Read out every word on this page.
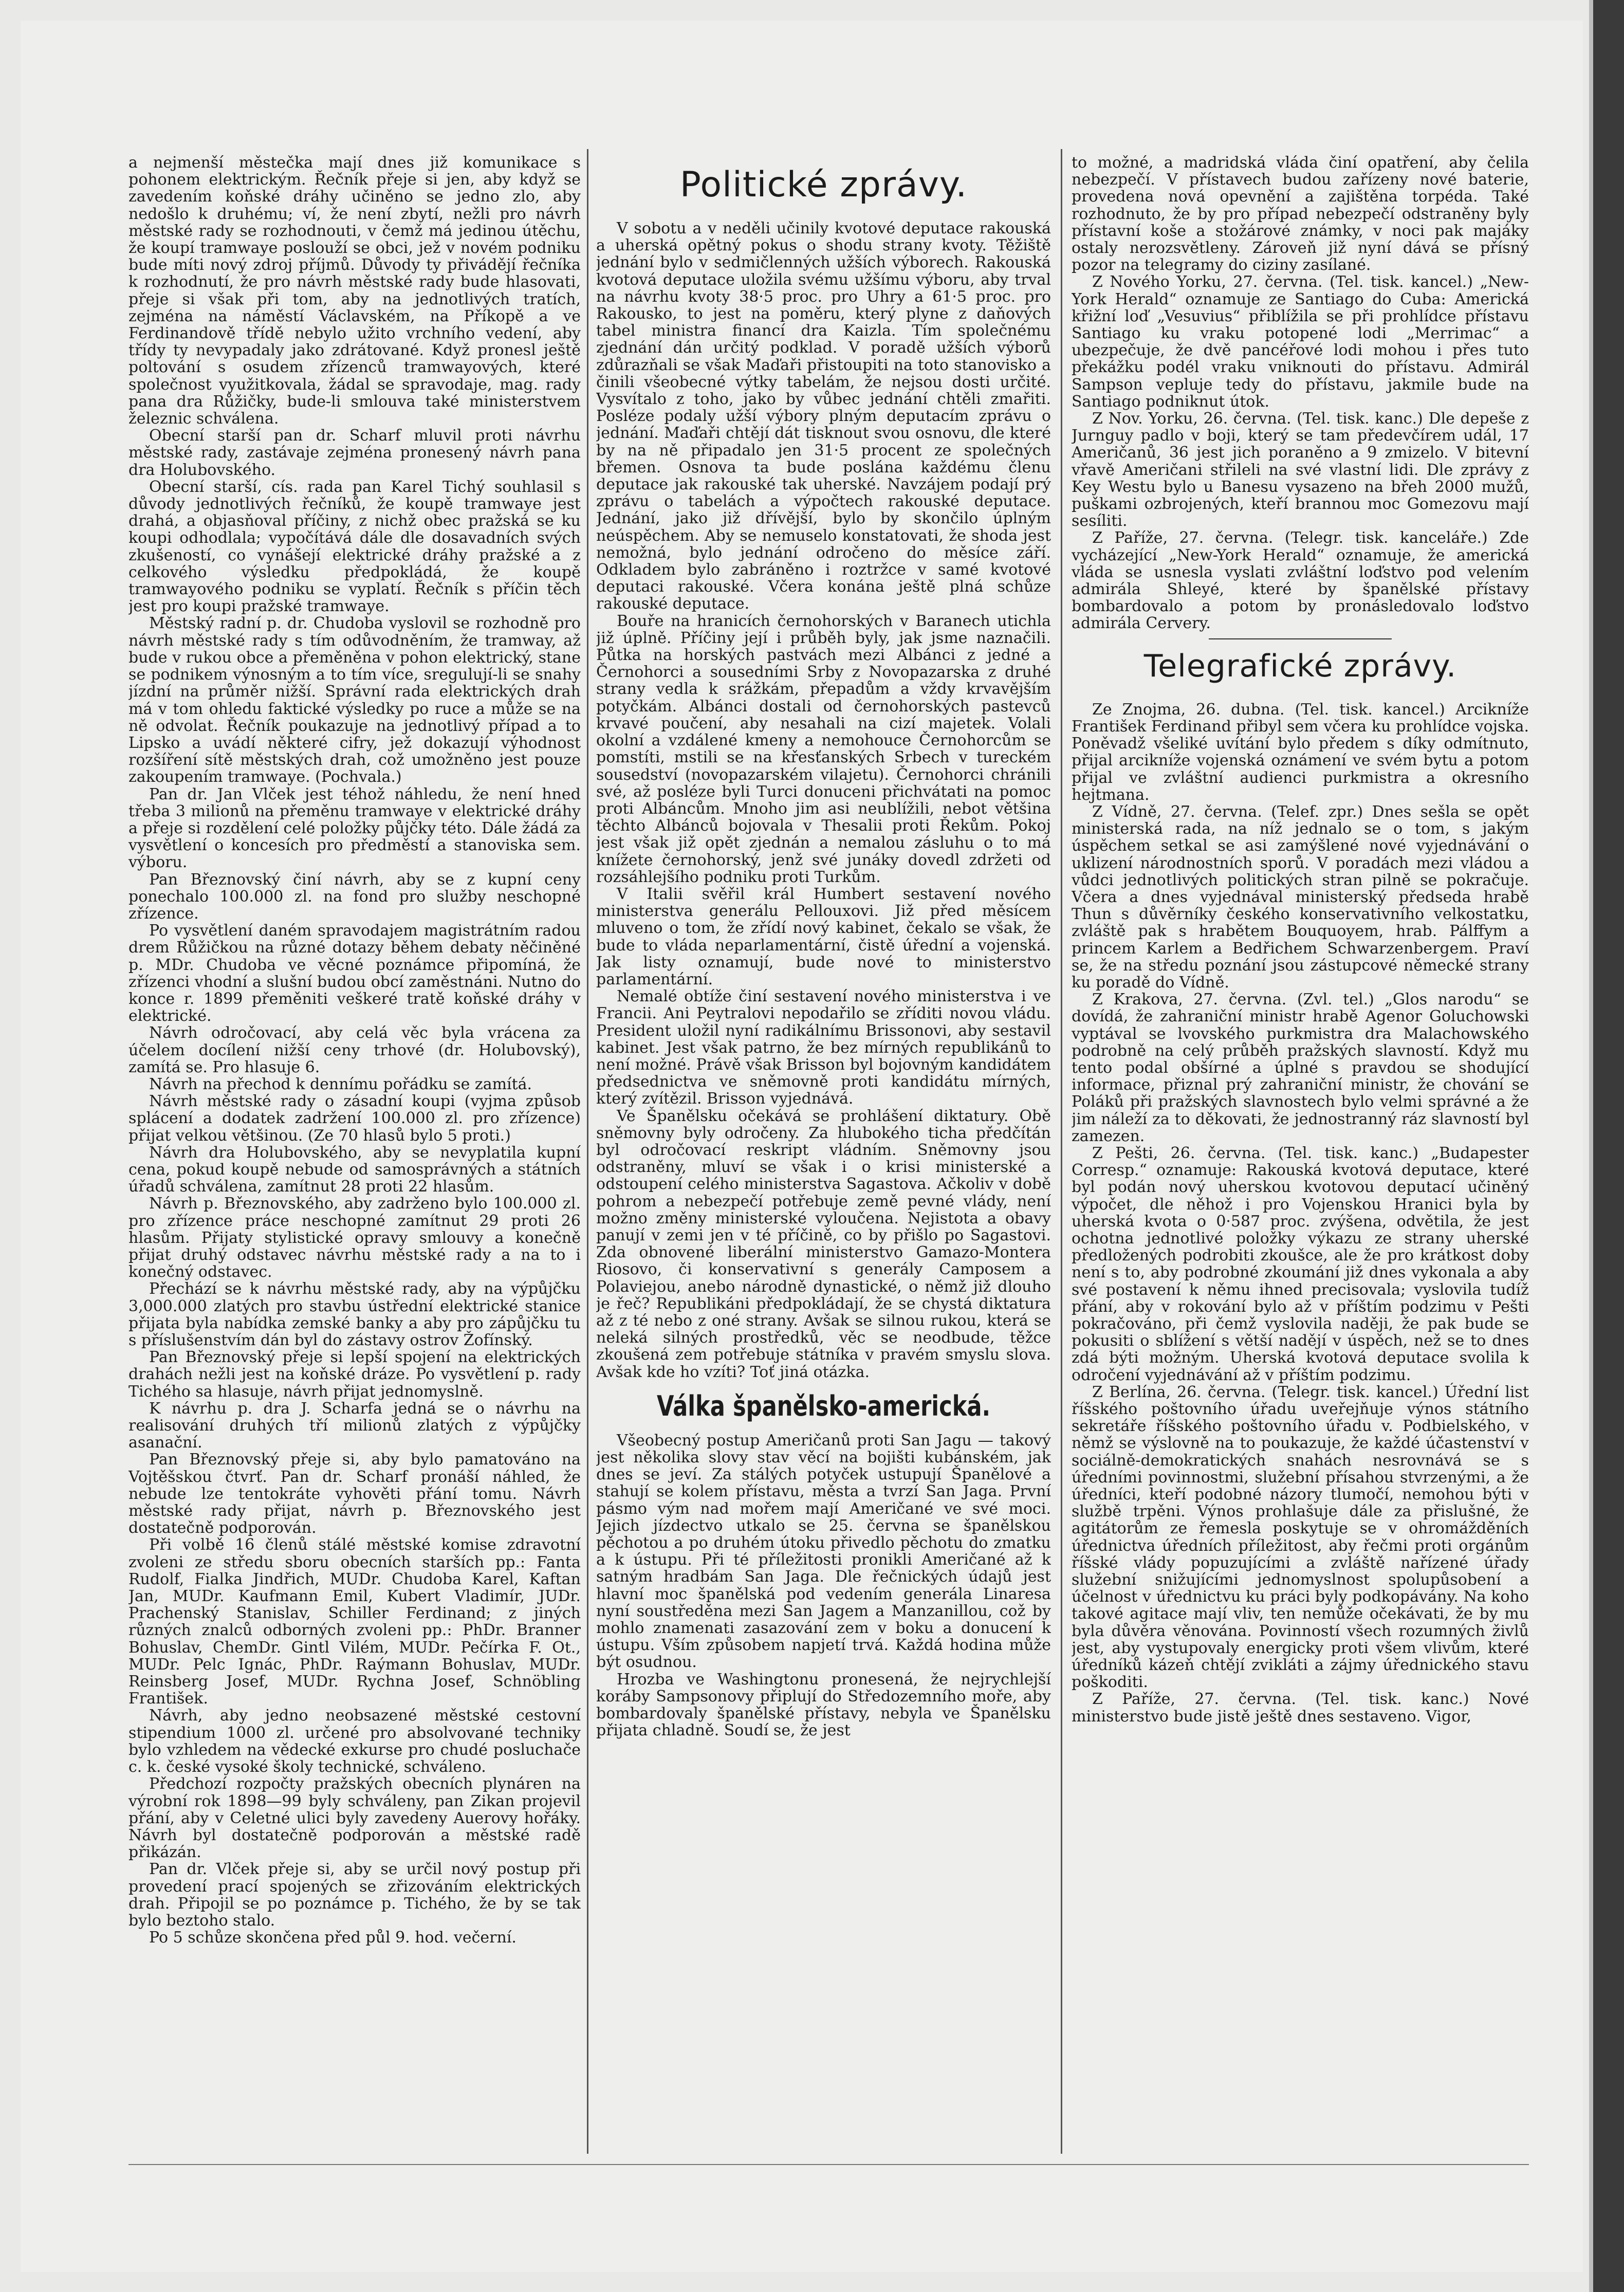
a nejmenší městečka mají dnes již komunikace s pohonem elektrickým. Řečník přeje si jen, aby když se zavedením koňské dráhy učiněno se jedno zlo, aby nedošlo k druhému; ví, že není zbytí, nežli pro návrh městské rady se rozhodnouti, v čemž má jedinou útěchu, že koupí tramwaye poslouží se obci, jež v novém podniku bude míti nový zdroj příjmů. Důvody ty přivádějí řečníka k rozhodnutí, že pro návrh městské rady bude hlasovati, přeje si však při tom, aby na jednotlivých tratích, zejména na náměstí Václavském, na Příkopě a ve Ferdinandově třídě nebylo užito vrchního vedení, aby třídy ty nevypadaly jako zdrátované. Když pronesl ještě poltování s osudem zřízenců tramwayových, které společnost využitkovala, žádal se spravodaje, mag. rady pana dra Růžičky, bude-li smlouva také ministerstvem železnic schválena.

Obecní starší pan dr. Scharf mluvil proti návrhu městské rady, zastávaje zejména pronesený návrh pana dra Holubovského.

Obecní starší, cís. rada pan Karel Tichý souhlasil s důvody jednotlivých řečníků, že koupě tramwaye jest drahá, a objasňoval příčiny, z nichž obec pražská se ku koupi odhodlala; vypočítává dále dle dosavadních svých zkušeností, co vynášejí elektrické dráhy pražské a z celkového výsledku předpokládá, že koupě tramwayového podniku se vyplatí. Řečník s příčin těch jest pro koupi pražské tramwaye.

Městský radní p. dr. Chudoba vyslovil se rozhodně pro návrh městské rady s tím odůvodněním, že tramway, až bude v rukou obce a přeměněna v pohon elektrický, stane se podnikem výnosným a to tím více, sregulují-li se snahy jízdní na průměr nižší. Správní rada elektrických drah má v tom ohledu faktické výsledky po ruce a může se na ně odvolat. Řečník poukazuje na jednotlivý případ a to Lipsko a uvádí některé cifry, jež dokazují výhodnost rozšíření sítě městských drah, což umožněno jest pouze zakoupením tramwaye. (Pochvala.)

Pan dr. Jan Vlček jest téhož náhledu, že není hned třeba 3 milionů na přeměnu tramwaye v elektrické dráhy a přeje si rozdělení celé položky půjčky této. Dále žádá za vysvětlení o koncesích pro předměstí a stanoviska sem. výboru.

Pan Březnovský činí návrh, aby se z kupní ceny ponechalo 100.000 zl. na fond pro služby neschopné zřízence.

Po vysvětlení daném spravodajem magistrátním radou drem Růžičkou na různé dotazy během debaty něčiněné p. MDr. Chudoba ve věcné poznámce připomíná, že zřízenci vhodní a slušní budou obcí zaměstnáni. Nutno do konce r. 1899 přeměniti veškeré tratě koňské dráhy v elektrické.

Návrh odročovací, aby celá věc byla vrácena za účelem docílení nižší ceny trhové (dr. Holubovský), zamítá se. Pro hlasuje 6.

Návrh na přechod k dennímu pořádku se zamítá.

Návrh městské rady o zásadní koupi (vyjma způsob splácení a dodatek zadržení 100.000 zl. pro zřízence) přijat velkou většinou. (Ze 70 hlasů bylo 5 proti.)

Návrh dra Holubovského, aby se nevyplatila kupní cena, pokud koupě nebude od samosprávných a státních úřadů schválena, zamítnut 28 proti 22 hlasům.

Návrh p. Březnovského, aby zadrženo bylo 100.000 zl. pro zřízence práce neschopné zamítnut 29 proti 26 hlasům. Přijaty stylistické opravy smlouvy a konečně přijat druhý odstavec návrhu městské rady a na to i konečný odstavec.

Přechází se k návrhu městské rady, aby na výpůjčku 3,000.000 zlatých pro stavbu ústřední elektrické stanice přijata byla nabídka zemské banky a aby pro zápůjčku tu s příslušenstvím dán byl do zástavy ostrov Žofínský.

Pan Březnovský přeje si lepší spojení na elektrických drahách nežli jest na koňské dráze. Po vysvětlení p. rady Tichého sa hlasuje, návrh přijat jednomyslně.

K návrhu p. dra J. Scharfa jedná se o návrhu na realisování druhých tří milionů zlatých z výpůjčky asanační.

Pan Březnovský přeje si, aby bylo pamatováno na Vojtěšskou čtvrť. Pan dr. Scharf pronáší náhled, že nebude lze tentokráte vyhověti přání tomu. Návrh městské rady přijat, návrh p. Březnovského jest dostatečně podporován.

Při volbě 16 členů stálé městské komise zdravotní zvoleni ze středu sboru obecních starších pp.: Fanta Rudolf, Fialka Jindřich, MUDr. Chudoba Karel, Kaftan Jan, MUDr. Kaufmann Emil, Kubert Vladimír, JUDr. Prachenský Stanislav, Schiller Ferdinand; z jiných různých znalců odborných zvoleni pp.: PhDr. Branner Bohuslav, ChemDr. Gintl Vilém, MUDr. Pečírka F. Ot., MUDr. Pelc Ignác, PhDr. Raýmann Bohuslav, MUDr. Reinsberg Josef, MUDr. Rychna Josef, Schnöbling František.

Návrh, aby jedno neobsazené městské cestovní stipendium 1000 zl. určené pro absolvované techniky bylo vzhledem na vědecké exkurse pro chudé posluchače c. k. české vysoké školy technické, schváleno.

Předchozí rozpočty pražských obecních plynáren na výrobní rok 1898—99 byly schváleny, pan Zikan projevil přání, aby v Celetné ulici byly zavedeny Auerovy hořáky. Návrh byl dostatečně podporován a městské radě přikázán.

Pan dr. Vlček přeje si, aby se určil nový postup při provedení prací spojených se zřizováním elektrických drah. Připojil se po poznámce p. Tichého, že by se tak bylo beztoho stalo.

Po 5 schůze skončena před půl 9. hod. večerní.

Politické zprávy.

V sobotu a v neděli učinily kvotové deputace rakouská a uherská opětný pokus o shodu strany kvoty. Těžiště jednání bylo v sedmičlenných užších výborech. Rakouská kvotová deputace uložila svému užšímu výboru, aby trval na návrhu kvoty 38·5 proc. pro Uhry a 61·5 proc. pro Rakousko, to jest na poměru, který plyne z daňových tabel ministra financí dra Kaizla. Tím společnému zjednání dán určitý podklad. V poradě užších výborů zdůrazňali se však Maďaři přistoupiti na toto stanovisko a činili všeobecné výtky tabelám, že nejsou dosti určité. Vysvítalo z toho, jako by vůbec jednání chtěli zmařiti. Posléze podaly užší výbory plným deputacím zprávu o jednání. Maďaři chtějí dát tisknout svou osnovu, dle které by na ně připadalo jen 31·5 procent ze společných břemen. Osnova ta bude poslána každému členu deputace jak rakouské tak uherské. Navzájem podají prý zprávu o tabelách a výpočtech rakouské deputace. Jednání, jako již dřívější, bylo by skončilo úplným neúspěchem. Aby se nemuselo konstatovati, že shoda jest nemožná, bylo jednání odročeno do měsíce září. Odkladem bylo zabráněno i roztržce v samé kvotové deputaci rakouské. Včera konána ještě plná schůze rakouské deputace.

Bouře na hranicích černohorských v Baranech utichla již úplně. Příčiny její i průběh byly, jak jsme naznačili. Půtka na horských pastvách mezi Albánci z jedné a Černohorci a sousedními Srby z Novopazarska z druhé strany vedla k srážkám, přepadům a vždy krvavějším potyčkám. Albánci dostali od černohorských pastevců krvavé poučení, aby nesahali na cizí majetek. Volali okolní a vzdálené kmeny a nemohouce Černohorcům se pomstíti, mstili se na křesťanských Srbech v tureckém sousedství (novopazarském vilajetu). Černohorci chránili své, až posléze byli Turci donuceni přichvátati na pomoc proti Albáncům. Mnoho jim asi neublížili, nebot většina těchto Albánců bojovala v Thesalii proti Řekům. Pokoj jest však již opět zjednán a nemalou zásluhu o to má knížete černohorský, jenž své junáky dovedl zdržeti od rozsáhlejšího podniku proti Turkům.

V Italii svěřil král Humbert sestavení nového ministerstva generálu Pellouxovi. Již před měsícem mluveno o tom, že zřídí nový kabinet, čekalo se však, že bude to vláda neparlamentární, čistě úřední a vojenská. Jak listy oznamují, bude nové to ministerstvo parlamentární.

Nemalé obtíže činí sestavení nového ministerstva i ve Francii. Ani Peytralovi nepodařilo se zříditi novou vládu. President uložil nyní radikálnímu Brissonovi, aby sestavil kabinet. Jest však patrno, že bez mírných republikánů to není možné. Právě však Brisson byl bojovným kandidátem předsednictva ve sněmovně proti kandidátu mírných, který zvítězil. Brisson vyjednává.

Ve Španělsku očekává se prohlášení diktatury. Obě sněmovny byly odročeny. Za hlubokého ticha předčítán byl odročovací reskript vládním. Sněmovny jsou odstraněny, mluví se však i o krisi ministerské a odstoupení celého ministerstva Sagastova. Ačkoliv v době pohrom a nebezpečí potřebuje země pevné vlády, není možno změny ministerské vyloučena. Nejistota a obavy panují v zemi jen v té příčině, co by přišlo po Sagastovi. Zda obnovené liberální ministerstvo Gamazo-Montera Riosovo, či konservativní s generály Camposem a Polaviejou, anebo národně dynastické, o němž již dlouho je řeč? Republikáni předpokládají, že se chystá diktatura až z té nebo z oné strany. Avšak se silnou rukou, která se neleká silných prostředků, věc se neodbude, těžce zkoušená zem potřebuje státníka v pravém smyslu slova. Avšak kde ho vzíti? Toť jiná otázka.

Válka španělsko-americká.

Všeobecný postup Američanů proti San Jagu — takový jest několika slovy stav věcí na bojišti kubánském, jak dnes se jeví. Za stálých potyček ustupují Španělové a stahují se kolem přístavu, města a tvrzí San Jaga. První pásmo vým nad mořem mají Američané ve své moci. Jejich jízdectvo utkalo se 25. června se španělskou pěchotou a po druhém útoku přivedlo pěchotu do zmatku a k ústupu. Při té příležitosti pronikli Američané až k satným hradbám San Jaga. Dle řečnických údajů jest hlavní moc španělská pod vedením generála Linaresa nyní soustředěna mezi San Jagem a Manzanillou, což by mohlo znamenati zasazování zem v boku a donucení k ústupu. Vším způsobem napjetí trvá. Každá hodina může být osudnou.

Hrozba ve Washingtonu pronesená, že nejrychlejší koráby Sampsonovy připlují do Středozemního moře, aby bombardovaly španělské přístavy, nebyla ve Španělsku přijata chladně. Soudí se, že jest

to možné, a madridská vláda činí opatření, aby čelila nebezpečí. V přístavech budou zařízeny nové baterie, provedena nová opevnění a zajištěna torpéda. Také rozhodnuto, že by pro případ nebezpečí odstraněny byly přístavní koše a stožárové známky, v noci pak majáky ostaly nerozsvětleny. Zároveň již nyní dává se přísný pozor na telegramy do ciziny zasílané.

Z Nového Yorku, 27. června. (Tel. tisk. kancel.) „New-York Herald“ oznamuje ze Santiago do Cuba: Americká křižní loď „Vesuvius“ přiblížila se při prohlídce přístavu Santiago ku vraku potopené lodi „Merrimac“ a ubezpečuje, že dvě pancéřové lodi mohou i přes tuto překážku podél vraku vniknouti do přístavu. Admirál Sampson vepluje tedy do přístavu, jakmile bude na Santiago podniknut útok.

Z Nov. Yorku, 26. června. (Tel. tisk. kanc.) Dle depeše z Jurnguy padlo v boji, který se tam předevčírem udál, 17 Američanů, 36 jest jich poraněno a 9 zmizelo. V bitevní vřavě Američani střileli na své vlastní lidi. Dle zprávy z Key Westu bylo u Banesu vysazeno na břeh 2000 mužů, puškami ozbrojených, kteří brannou moc Gomezovu mají sesíliti.

Z Paříže, 27. června. (Telegr. tisk. kanceláře.) Zde vycházející „New-York Herald“ oznamuje, že americká vláda se usnesla vyslati zvláštní loďstvo pod velením admirála Shleyé, které by španělské přístavy bombardovalo a potom by pronásledovalo loďstvo admirála Cervery.

Telegrafické zprávy.

Ze Znojma, 26. dubna. (Tel. tisk. kancel.) Arcikníže František Ferdinand přibyl sem včera ku prohlídce vojska. Poněvadž všeliké uvítání bylo předem s díky odmítnuto, přijal arcikníže vojenská oznámení ve svém bytu a potom přijal ve zvláštní audienci purkmistra a okresního hejtmana.

Z Vídně, 27. června. (Telef. zpr.) Dnes sešla se opět ministerská rada, na níž jednalo se o tom, s jakým úspěchem setkal se asi zamýšlené nové vyjednávání o uklizení národnostních sporů. V poradách mezi vládou a vůdci jednotlivých politických stran pilně se pokračuje. Včera a dnes vyjednával ministerský předseda hrabě Thun s důvěrníky českého konservativního velkostatku, zvláště pak s hrabětem Bouquoyem, hrab. Pálffym a princem Karlem a Bedřichem Schwarzenbergem. Praví se, že na středu poznání jsou zástupcové německé strany ku poradě do Vídně.

Z Krakova, 27. června. (Zvl. tel.) „Glos narodu“ se dovídá, že zahraniční ministr hrabě Agenor Goluchowski vyptával se lvovského purkmistra dra Malachowského podrobně na celý průběh pražských slavností. Když mu tento podal obšírné a úplné s pravdou se shodující informace, přiznal prý zahraniční ministr, že chování se Poláků při pražských slavnostech bylo velmi správné a že jim náleží za to děkovati, že jednostranný ráz slavností byl zamezen.

Z Pešti, 26. června. (Tel. tisk. kanc.) „Budapester Corresp.“ oznamuje: Rakouská kvotová deputace, které byl podán nový uherskou kvotovou deputací učiněný výpočet, dle něhož i pro Vojenskou Hranici byla by uherská kvota o 0·587 proc. zvýšena, odvětila, že jest ochotna jednotlivé položky výkazu ze strany uherské předložených podrobiti zkoušce, ale že pro krátkost doby není s to, aby podrobné zkoumání již dnes vykonala a aby své postavení k němu ihned precisovala; vyslovila tudíž přání, aby v rokování bylo až v příštím podzimu v Pešti pokračováno, při čemž vyslovila naději, že pak bude se pokusiti o sblížení s větší nadějí v úspěch, než se to dnes zdá býti možným. Uherská kvotová deputace svolila k odročení vyjednávání až v příštím podzimu.

Z Berlína, 26. června. (Telegr. tisk. kancel.) Úřední list říšského poštovního úřadu uveřejňuje výnos státního sekretáře říšského poštovního úřadu v. Podbielského, v němž se výslovně na to poukazuje, že každé účastenství v sociálně-demokratických snahách nesrovnává se s úředními povinnostmi, služební přísahou stvrzenými, a že úředníci, kteří podobné názory tlumočí, nemohou býti v službě trpěni. Výnos prohlašuje dále za přislušné, že agitátorům ze řemesla poskytuje se v ohromážděních úřednictva úředních příležitost, aby řečmi proti orgánům říšské vlády popuzujícími a zvláště nařízené úřady služební snižujícími jednomyslnost spolupůsobení a účelnost v úřednictvu ku práci byly podkopávány. Na koho takové agitace mají vliv, ten nemůže očekávati, že by mu byla důvěra věnována. Povinností všech rozumných živlů jest, aby vystupovaly energicky proti všem vlivům, které úředníků kázeň chtějí zvikláti a zájmy úřednického stavu poškoditi.

Z Paříže, 27. června. (Tel. tisk. kanc.) Nové ministerstvo bude jistě ještě dnes sestaveno. Vigor,
